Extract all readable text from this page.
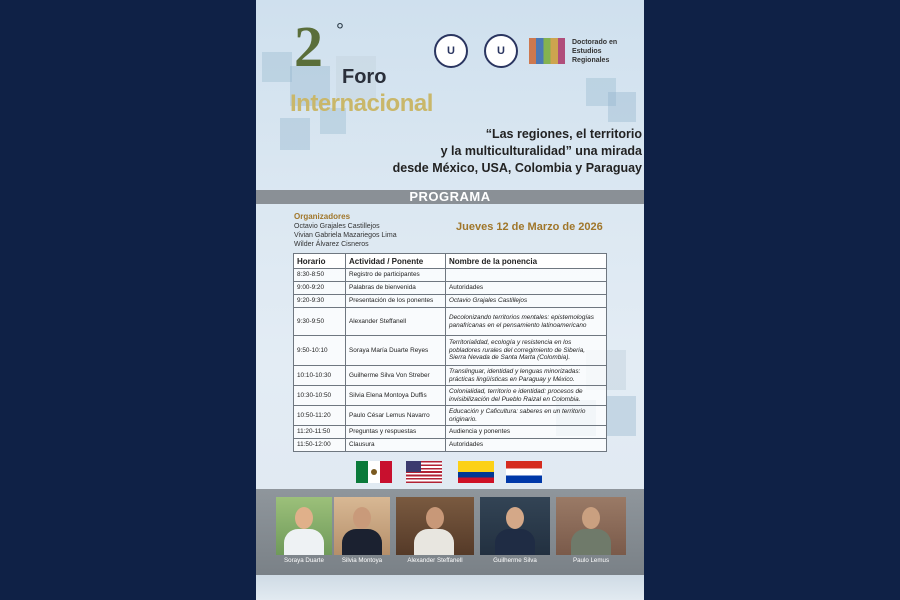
2 °
Foro
Internacional
U	U
Doctorado en Estudios Regionales
“Las regiones, el territorio
y la multiculturalidad” una mirada
desde México, USA, Colombia y Paraguay
PROGRAMA
Organizadores
Octavio Grajales Castillejos
Vivian Gabriela Mazariegos Lima
Wilder Álvarez Cisneros
Jueves 12 de Marzo de 2026
Horario	Actividad / Ponente	Nombre de la ponencia
8:30-8:50	Registro de participantes	
9:00-9:20	Palabras de bienvenida	Autoridades
9:20-9:30	Presentación de los ponentes	Octavio Grajales Castillejos
9:30-9:50	Alexander Steffanell	Decolonizando territorios mentales: epistemologías panafricanas en el pensamiento latinoamericano
9:50-10:10	Soraya María Duarte Reyes	Territorialidad, ecología y resistencia en los pobladores rurales del corregimiento de Siberia, Sierra Nevada de Santa Marta (Colombia).
10:10-10:30	Guilherme Silva Von Streber	Translinguar, identidad y lenguas minorizadas: prácticas lingüísticas en Paraguay y México.
10:30-10:50	Silvia Elena Montoya Duffis	Colonialidad, territorio e identidad: procesos de invisibilización del Pueblo Raizal en Colombia.
10:50-11:20	Paulo César Lemus Navarro	Educación y Caficultura: saberes en un territorio originario.
11:20-11:50	Preguntas y respuestas	Audiencia y ponentes
11:50-12:00	Clausura	Autoridades
Soraya Duarte	Silvia Montoya	Alexander Steffanell	Guilherme Silva	Paulo Lemus
